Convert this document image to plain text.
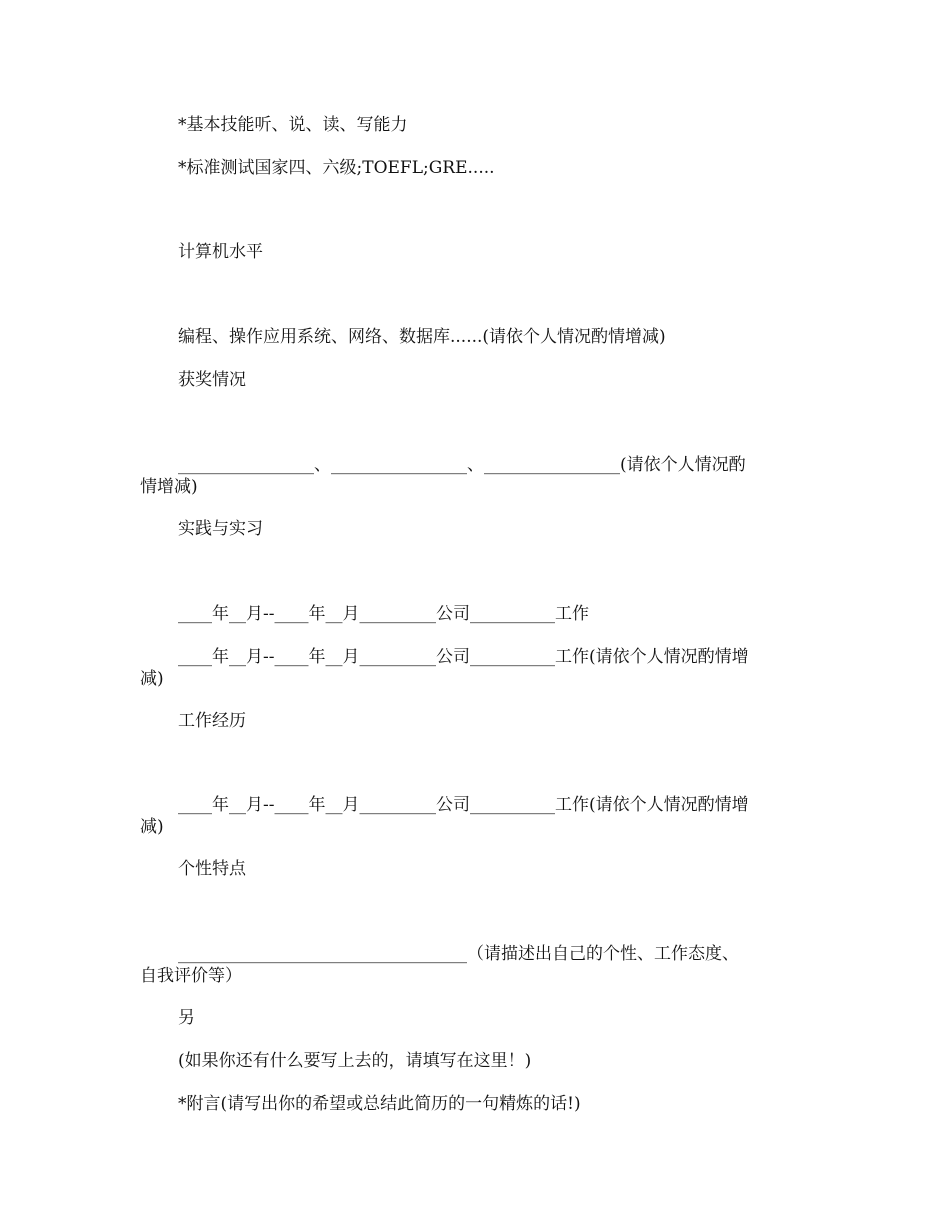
*基本技能听、说、读、写能力
*标准测试国家四、六级;TOEFL;GRE.....
计算机水平
编程、操作应用系统、网络、数据库......(请依个人情况酌情增减)
获奖情况
________________、________________、________________(请依个人情况酌
情增减)
实践与实习
____年__月--____年__月_________公司__________工作
____年__月--____年__月_________公司__________工作(请依个人情况酌情增
减)
工作经历
____年__月--____年__月_________公司__________工作(请依个人情况酌情增
减)
个性特点
__________________________________（请描述出自己的个性、工作态度、
自我评价等）
另
(如果你还有什么要写上去的，请填写在这里！)
*附言(请写出你的希望或总结此简历的一句精炼的话!)
